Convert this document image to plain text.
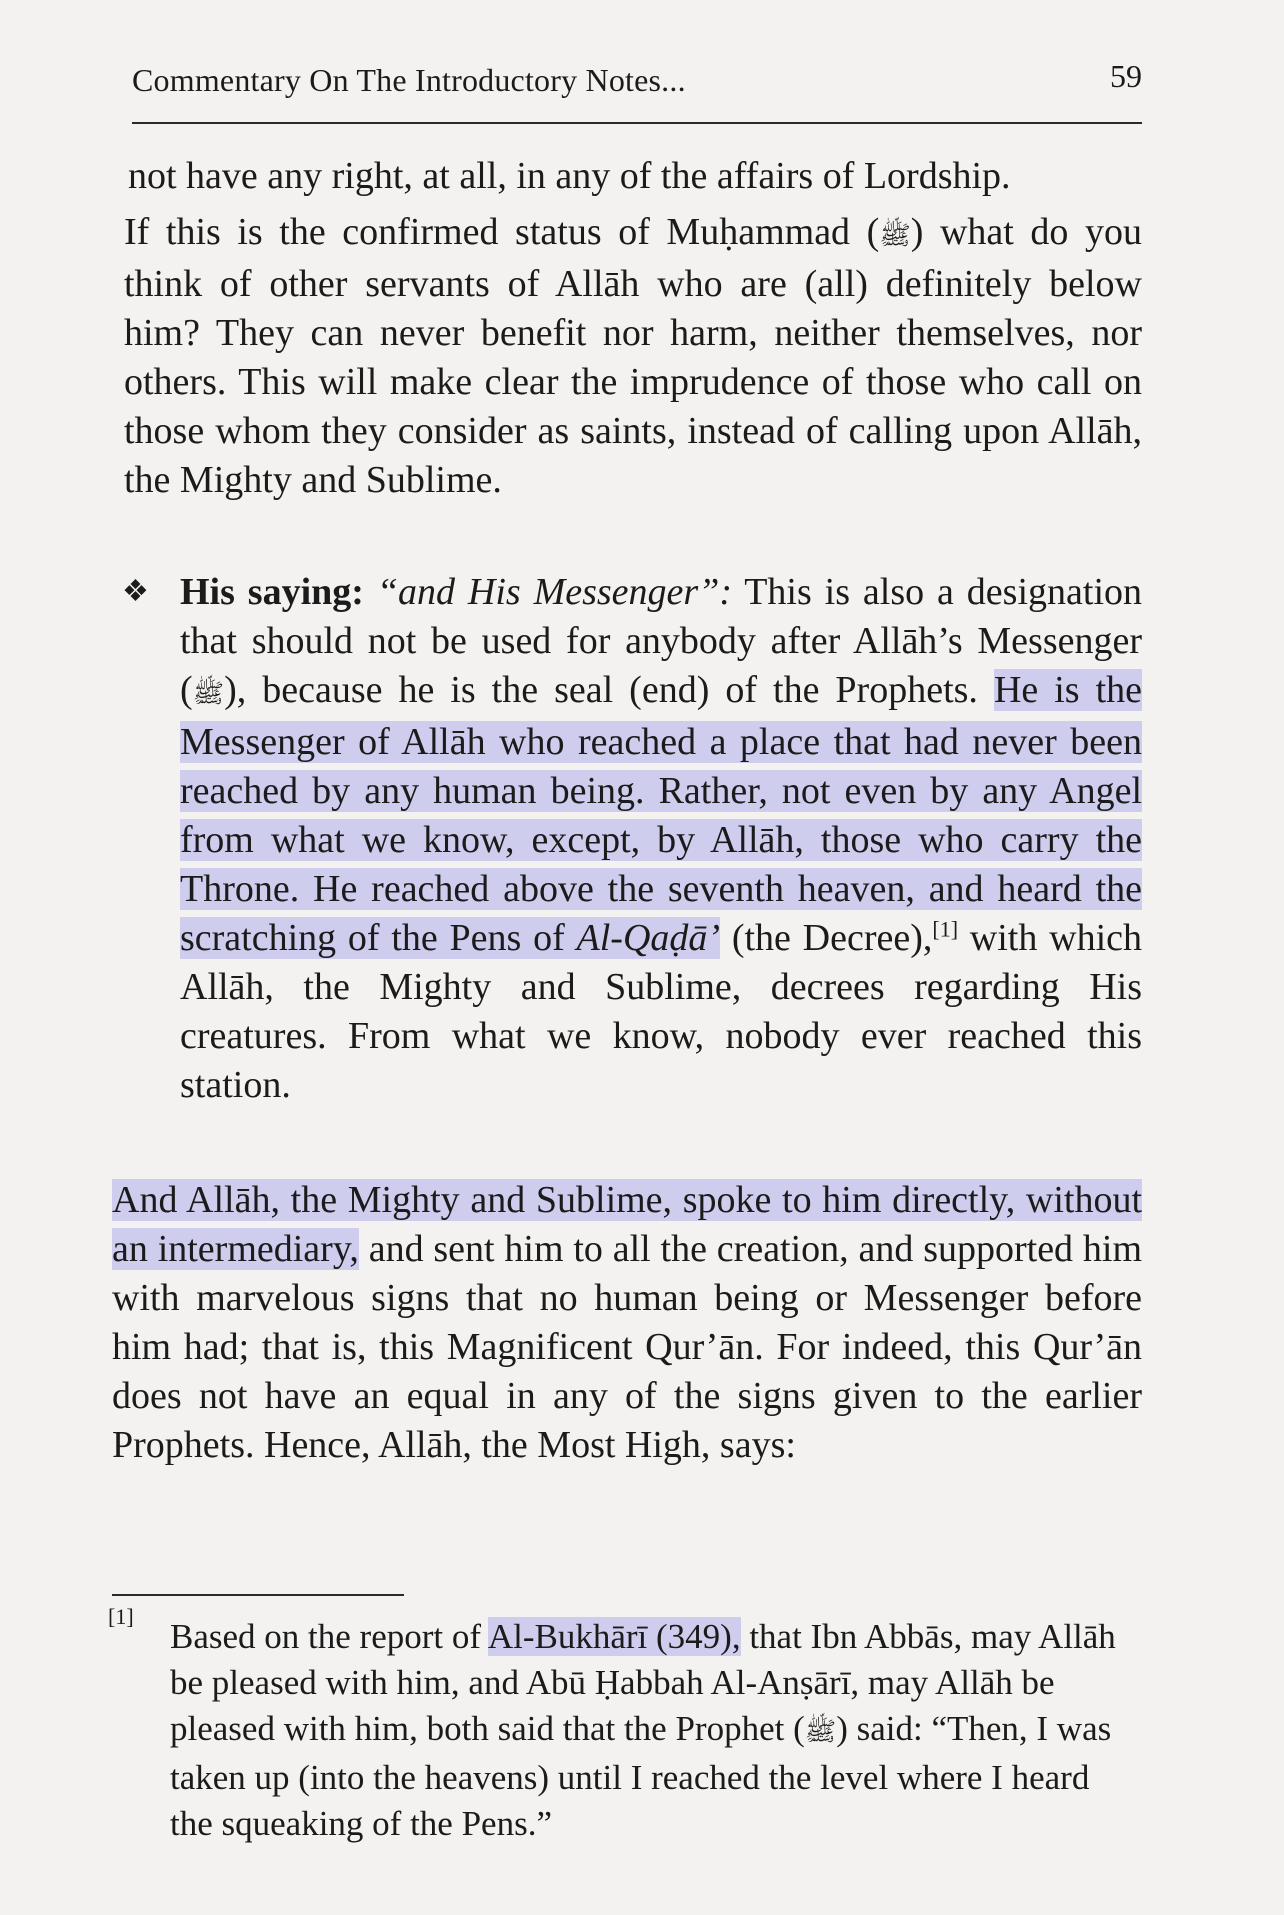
Commentary On The Introductory Notes...	59

not have any right, at all, in any of the affairs of Lordship.

If this is the confirmed status of Muḥammad (ﷺ) what do you think of other servants of Allāh who are (all) definitely below him? They can never benefit nor harm, neither themselves, nor others. This will make clear the imprudence of those who call on those whom they consider as saints, instead of calling upon Allāh, the Mighty and Sublime.

❖ His saying: “and His Messenger”: This is also a designation that should not be used for anybody after Allāh’s Messenger (ﷺ), because he is the seal (end) of the Prophets. He is the Messenger of Allāh who reached a place that had never been reached by any human being. Rather, not even by any Angel from what we know, except, by Allāh, those who carry the Throne. He reached above the seventh heaven, and heard the scratching of the Pens of Al-Qaḍā’ (the Decree),[1] with which Allāh, the Mighty and Sublime, decrees regarding His creatures. From what we know, nobody ever reached this station.

And Allāh, the Mighty and Sublime, spoke to him directly, without an intermediary, and sent him to all the creation, and supported him with marvelous signs that no human being or Messenger before him had; that is, this Magnificent Qur’ān. For indeed, this Qur’ān does not have an equal in any of the signs given to the earlier Prophets. Hence, Allāh, the Most High, says:

[1]

Based on the report of Al-Bukhārī (349), that Ibn Abbās, may Allāh be pleased with him, and Abū Ḥabbah Al-Anṣārī, may Allāh be pleased with him, both said that the Prophet (ﷺ) said: “Then, I was taken up (into the heavens) until I reached the level where I heard the squeaking of the Pens.”
